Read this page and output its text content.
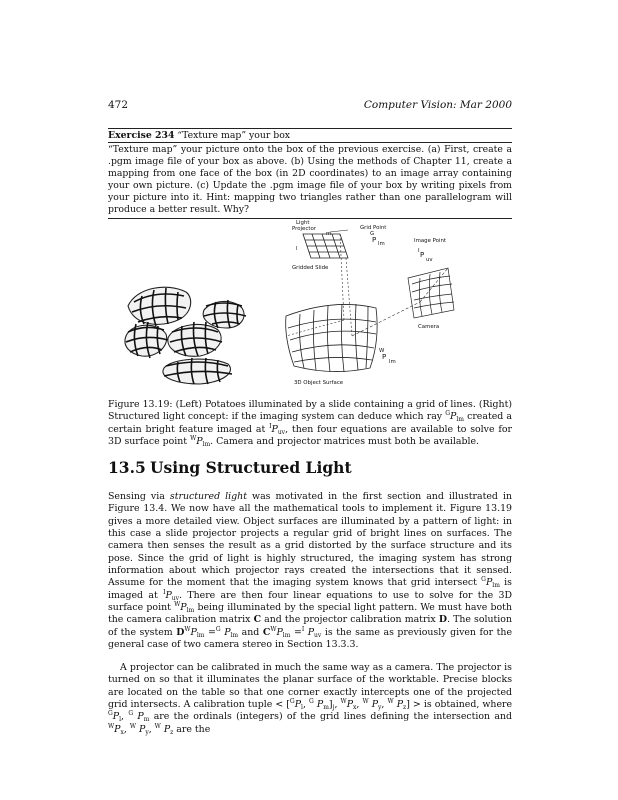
472	Computer Vision: Mar 2000
Exercise 234 “Texture map” your box
“Texture map” your picture onto the box of the previous exercise. (a) First, create a .pgm image file of your box as above. (b) Using the methods of Chapter 11, create a mapping from one face of the box (in 2D coordinates) to an image array containing your own picture. (c) Update the .pgm image file of your box by writing pixels from your picture into it. Hint: mapping two triangles rather than one parallelogram will produce a better result. Why?
Light
Projector
m
l
Gridded Slide
Grid Point
G
P lm	Image Point
I P
uv
Camera
W
P
lm
3D Object Surface
Figure 13.19: (Left) Potatoes illuminated by a slide containing a grid of lines. (Right) Structured light concept: if the imaging system can deduce which ray $^GP_{lm}$ created a certain bright feature imaged at $^IP_{uv}$, then four equations are available to solve for 3D surface point $^WP_{lm}$. Camera and projector matrices must both be available.
13.5 Using Structured Light
Sensing via structured light was motivated in the first section and illustrated in Figure 13.4. We now have all the mathematical tools to implement it. Figure 13.19 gives a more detailed view. Object surfaces are illuminated by a pattern of light: in this case a slide projector projects a regular grid of bright lines on surfaces. The camera then senses the result as a grid distorted by the surface structure and its pose. Since the grid of light is highly structured, the imaging system has strong information about which projector rays created the intersections that it sensed. Assume for the moment that the imaging system knows that grid intersect $^GP_{lm}$ is imaged at $^IP_{uv}$. There are then four linear equations to use to solve for the 3D surface point $^WP_{lm}$ being illuminated by the special light pattern. We must have both the camera calibration matrix C and the projector calibration matrix D. The solution of the system $D^WP_{lm} =^G$ $P_{lm}$ and $C^WP_{lm} =^I$ $P_{uv}$ is the same as previously given for the general case of two camera stereo in Section 13.3.3.
A projector can be calibrated in much the same way as a camera. The projector is turned on so that it illuminates the planar surface of the worktable. Precise blocks are located on the table so that one corner exactly intercepts one of the projected grid intersects. A calibration tuple < [$^GP_l$, $^G$ $P_m]_j$, $^WP_x$, $^W$ $P_y$, $^W$ $P_z$] > is obtained, where $^GP_l$, $^G$ $P_m$ are the ordinals (integers) of the grid lines defining the intersection and $^WP_x$, $^W$ $P_y$, $^W$ $P_z$ are the
